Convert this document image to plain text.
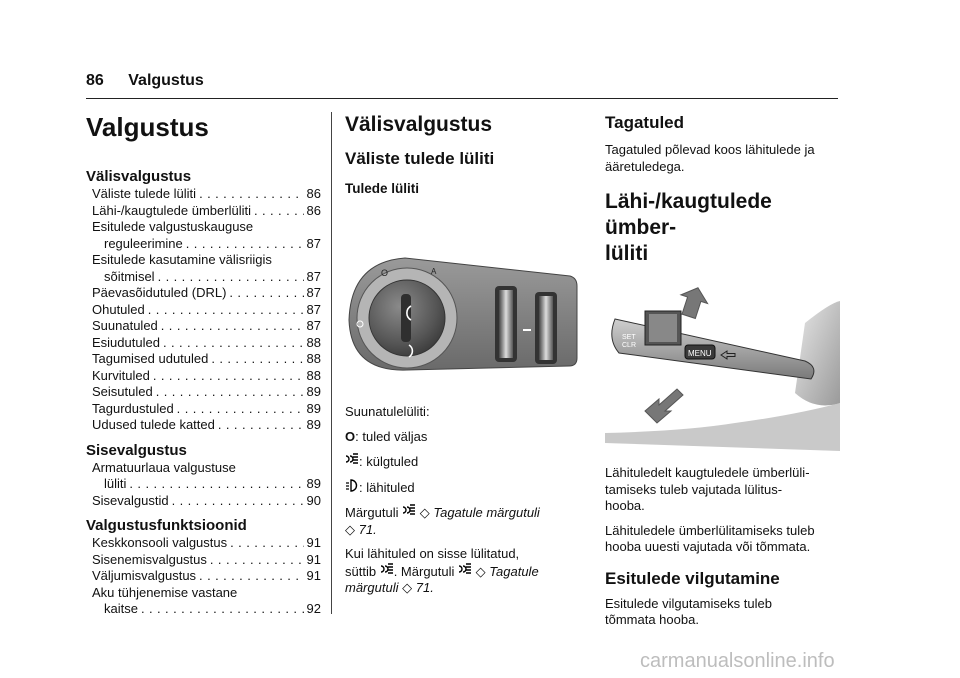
86 Valgustus
Valgustus
Välisvalgustus
Väliste tulede lüliti . . .	86
Lähi-/kaugtulede ümberlüliti . . .	86
Esitulede valgustuskauguse
reguleerimine . . .	87
Esitulede kasutamine välisriigis
sõitmisel . . .	87
Päevasõidutuled (DRL) . . .	87
Ohutuled . . .	87
Suunatuled . . .	87
Esiudutuled . . .	88
Tagumised udutuled . . .	88
Kurvituled . . .	88
Seisutuled . . .	89
Tagurdustuled . . .	89
Udused tulede katted . . .	89
Sisevalgustus
Armatuurlaua valgustuse
lüliti . . .	89
Sisevalgustid . . .	90
Valgustusfunktsioonid
Keskkonsooli valgustus . . .	91
Sisenemisvalgustus . . .	91
Väljumisvalgustus . . .	91
Aku tühjenemise vastane
kaitse . . .	92
Välisvalgustus
Väliste tulede lüliti
Tulede lüliti
O	A

Suunatulelüliti:

O: tuled väljas

: külgtuled

: lähituled

Märgutuli ◇ Tagatule märgutuli
◇ 71.

Kui lähituled on sisse lülitatud,
süttib . Märgutuli ◇ Tagatule
märgutuli ◇ 71.

Tagatuled

Tagatuled põlevad koos lähitulede ja ääretuledega.

Lähi-/kaugtulede ümber-
lüliti
SET
CLR
MENU

Lähituledelt kaugtuledele ümberlüli-
tamiseks tuleb vajutada lülitus-
hooba.

Lähituledele ümberlülitamiseks tuleb
hooba uuesti vajutada või tõmmata.

Esitulede vilgutamine

Esitulede vilgutamiseks tuleb
tõmmata hooba.

carmanualsonline.info
